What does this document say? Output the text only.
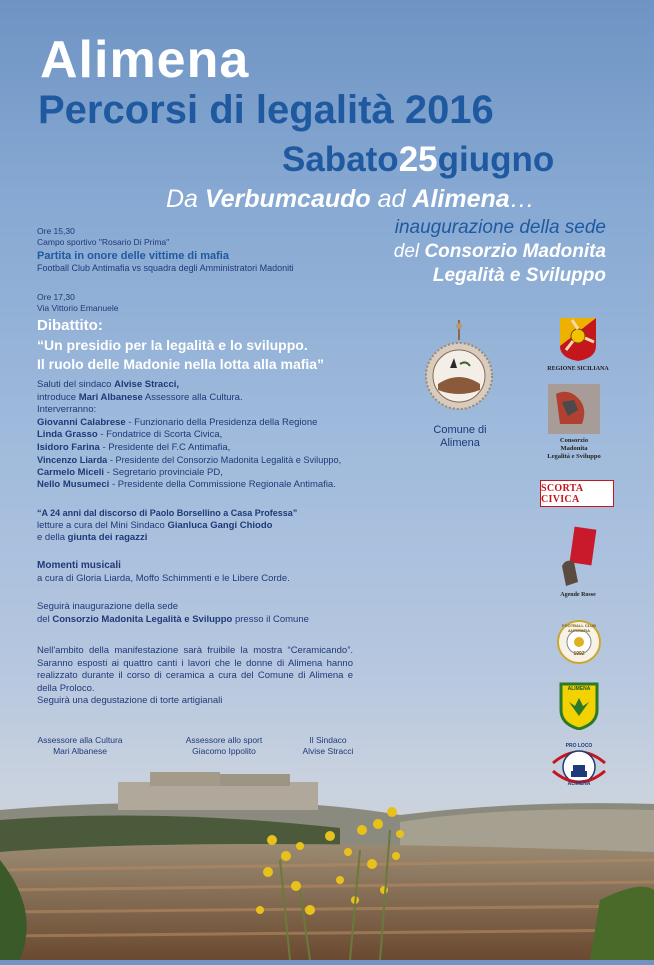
Alimena
Percorsi di legalità 2016
Sabato25giugno
Da Verbumcaudo ad Alimena…
inaugurazione della sede
del Consorzio Madonita
Legalità e Sviluppo
Ore 15,30
Campo sportivo "Rosario Di Prima"
Partita in onore delle vittime di mafia
Football Club Antimafia vs squadra degli Amministratori Madoniti
Ore 17,30
Via Vittorio Emanuele
Dibattito:
“Un presidio per la legalità e lo sviluppo.
Il ruolo delle Madonie nella lotta alla mafia”
Saluti del sindaco Alvise Stracci,
introduce Mari Albanese Assessore alla Cultura.
Interverranno:
Giovanni Calabrese - Funzionario della Presidenza della Regione
Linda Grasso - Fondatrice di Scorta Civica,
Isidoro Farina - Presidente del F.C Antimafia,
Vincenzo Liarda - Presidente del Consorzio Madonita Legalità e Sviluppo,
Carmelo Miceli - Segretario provinciale PD,
Nello Musumeci - Presidente della Commissione Regionale Antimafia.
“A 24 anni dal discorso di Paolo Borsellino a Casa Professa”
letture a cura del Mini Sindaco Gianluca Gangi Chiodo
e della giunta dei ragazzi
Momenti musicali
a cura di Gloria Liarda, Moffo Schimmenti e le Libere Corde.
Seguirà inaugurazione della sede
del Consorzio Madonita Legalità e Sviluppo presso il Comune
Nell'ambito della manifestazione sarà fruibile la mostra “Ceramicando”. Saranno esposti ai quattro canti i lavori che le donne di Alimena hanno realizzato durante il corso di ceramica a cura del Comune di Alimena e della Proloco.
Seguirà una degustazione di torte artigianali
Assessore alla Cultura
Mari Albanese
Assessore allo sport
Giacomo Ippolito
Il Sindaco
Alvise Stracci
Comune di
Alimena
REGIONE SICILIANA
Consorzio
Madonita
Legalità e Sviluppo
SCORTA CIVICA
Agende Rosse
FOOTBALL CLUB ANTIMAFIA
1992
ALIMENA
PRO LOCO
ALIMENA
